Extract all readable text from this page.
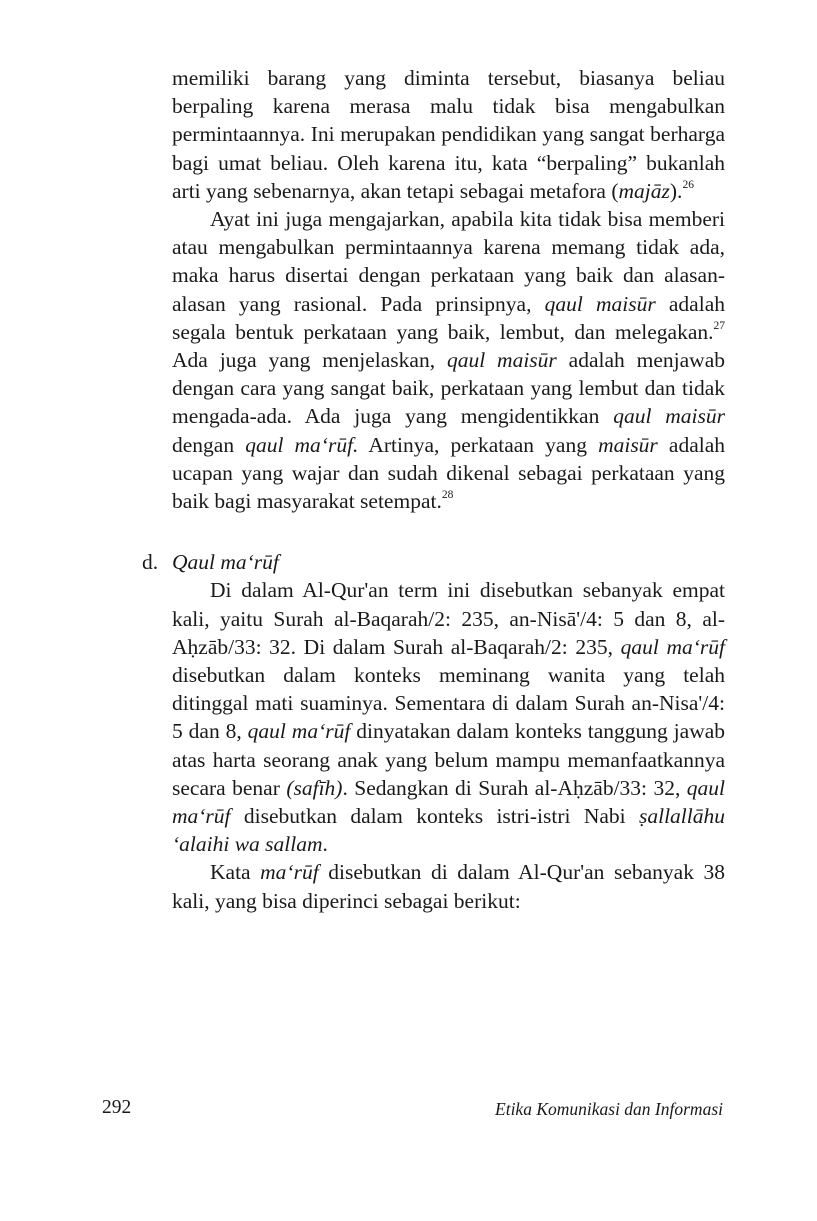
memiliki barang yang diminta tersebut, biasanya beliau berpaling karena merasa malu tidak bisa mengabulkan permintaannya. Ini merupakan pendidikan yang sangat berharga bagi umat beliau. Oleh karena itu, kata “berpaling” bukanlah arti yang sebenarnya, akan tetapi sebagai metafora (majāz).$^{26}$

Ayat ini juga mengajarkan, apabila kita tidak bisa memberi atau mengabulkan permintaannya karena memang tidak ada, maka harus disertai dengan perkataan yang baik dan alasan-alasan yang rasional. Pada prinsipnya, qaul maisūr adalah segala bentuk perkataan yang baik, lembut, dan melegakan.$^{27}$ Ada juga yang menjelaskan, qaul maisūr adalah menjawab dengan cara yang sangat baik, perkataan yang lembut dan tidak mengada-ada. Ada juga yang mengidentikkan qaul maisūr dengan qaul ma‘rūf. Artinya, perkataan yang maisūr adalah ucapan yang wajar dan sudah dikenal sebagai perkataan yang baik bagi masyarakat setempat.$^{28}$

d. Qaul ma‘rūf

Di dalam Al-Qur'an term ini disebutkan sebanyak empat kali, yaitu Surah al-Baqarah/2: 235, an-Nisā'/4: 5 dan 8, al-Aḥzāb/33: 32. Di dalam Surah al-Baqarah/2: 235, qaul ma‘rūf disebutkan dalam konteks meminang wanita yang telah ditinggal mati suaminya. Sementara di dalam Surah an-Nisa'/4: 5 dan 8, qaul ma‘rūf dinyatakan dalam konteks tanggung jawab atas harta seorang anak yang belum mampu memanfaatkannya secara benar (safīh). Sedangkan di Surah al-Aḥzāb/33: 32, qaul ma‘rūf disebutkan dalam konteks istri-istri Nabi ṣallallāhu ‘alaihi wa sallam.

Kata ma‘rūf disebutkan di dalam Al-Qur'an sebanyak 38 kali, yang bisa diperinci sebagai berikut:

292	Etika Komunikasi dan Informasi
